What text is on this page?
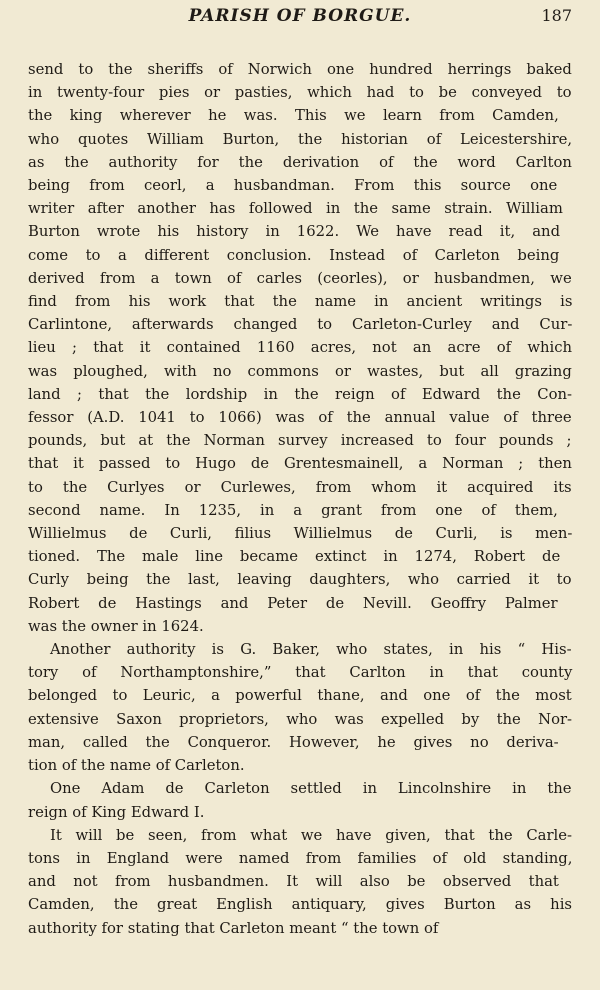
PARISH OF BORGUE.	187
send to the sheriffs of Norwich one hundred herrings baked
in twenty-four pies or pasties, which had to be conveyed to
the king wherever he was. This we learn from Camden,
who quotes William Burton, the historian of Leicestershire,
as the authority for the derivation of the word Carlton
being from ceorl, a husbandman. From this source one
writer after another has followed in the same strain. William
Burton wrote his history in 1622. We have read it, and
come to a different conclusion. Instead of Carleton being
derived from a town of carles (ceorles), or husbandmen, we
find from his work that the name in ancient writings is
Carlintone, afterwards changed to Carleton-Curley and Cur-
lieu ; that it contained 1160 acres, not an acre of which
was ploughed, with no commons or wastes, but all grazing
land ; that the lordship in the reign of Edward the Con-
fessor (A.D. 1041 to 1066) was of the annual value of three
pounds, but at the Norman survey increased to four pounds ;
that it passed to Hugo de Grentesmainell, a Norman ; then
to the Curlyes or Curlewes, from whom it acquired its
second name. In 1235, in a grant from one of them,
Willielmus de Curli, filius Willielmus de Curli, is men-
tioned. The male line became extinct in 1274, Robert de
Curly being the last, leaving daughters, who carried it to
Robert de Hastings and Peter de Nevill. Geoffry Palmer
was the owner in 1624.
Another authority is G. Baker, who states, in his “ His-
tory of Northamptonshire,” that Carlton in that county
belonged to Leuric, a powerful thane, and one of the most
extensive Saxon proprietors, who was expelled by the Nor-
man, called the Conqueror. However, he gives no deriva-
tion of the name of Carleton.
One Adam de Carleton settled in Lincolnshire in the
reign of King Edward I.
It will be seen, from what we have given, that the Carle-
tons in England were named from families of old standing,
and not from husbandmen. It will also be observed that
Camden, the great English antiquary, gives Burton as his
authority for stating that Carleton meant “ the town of
